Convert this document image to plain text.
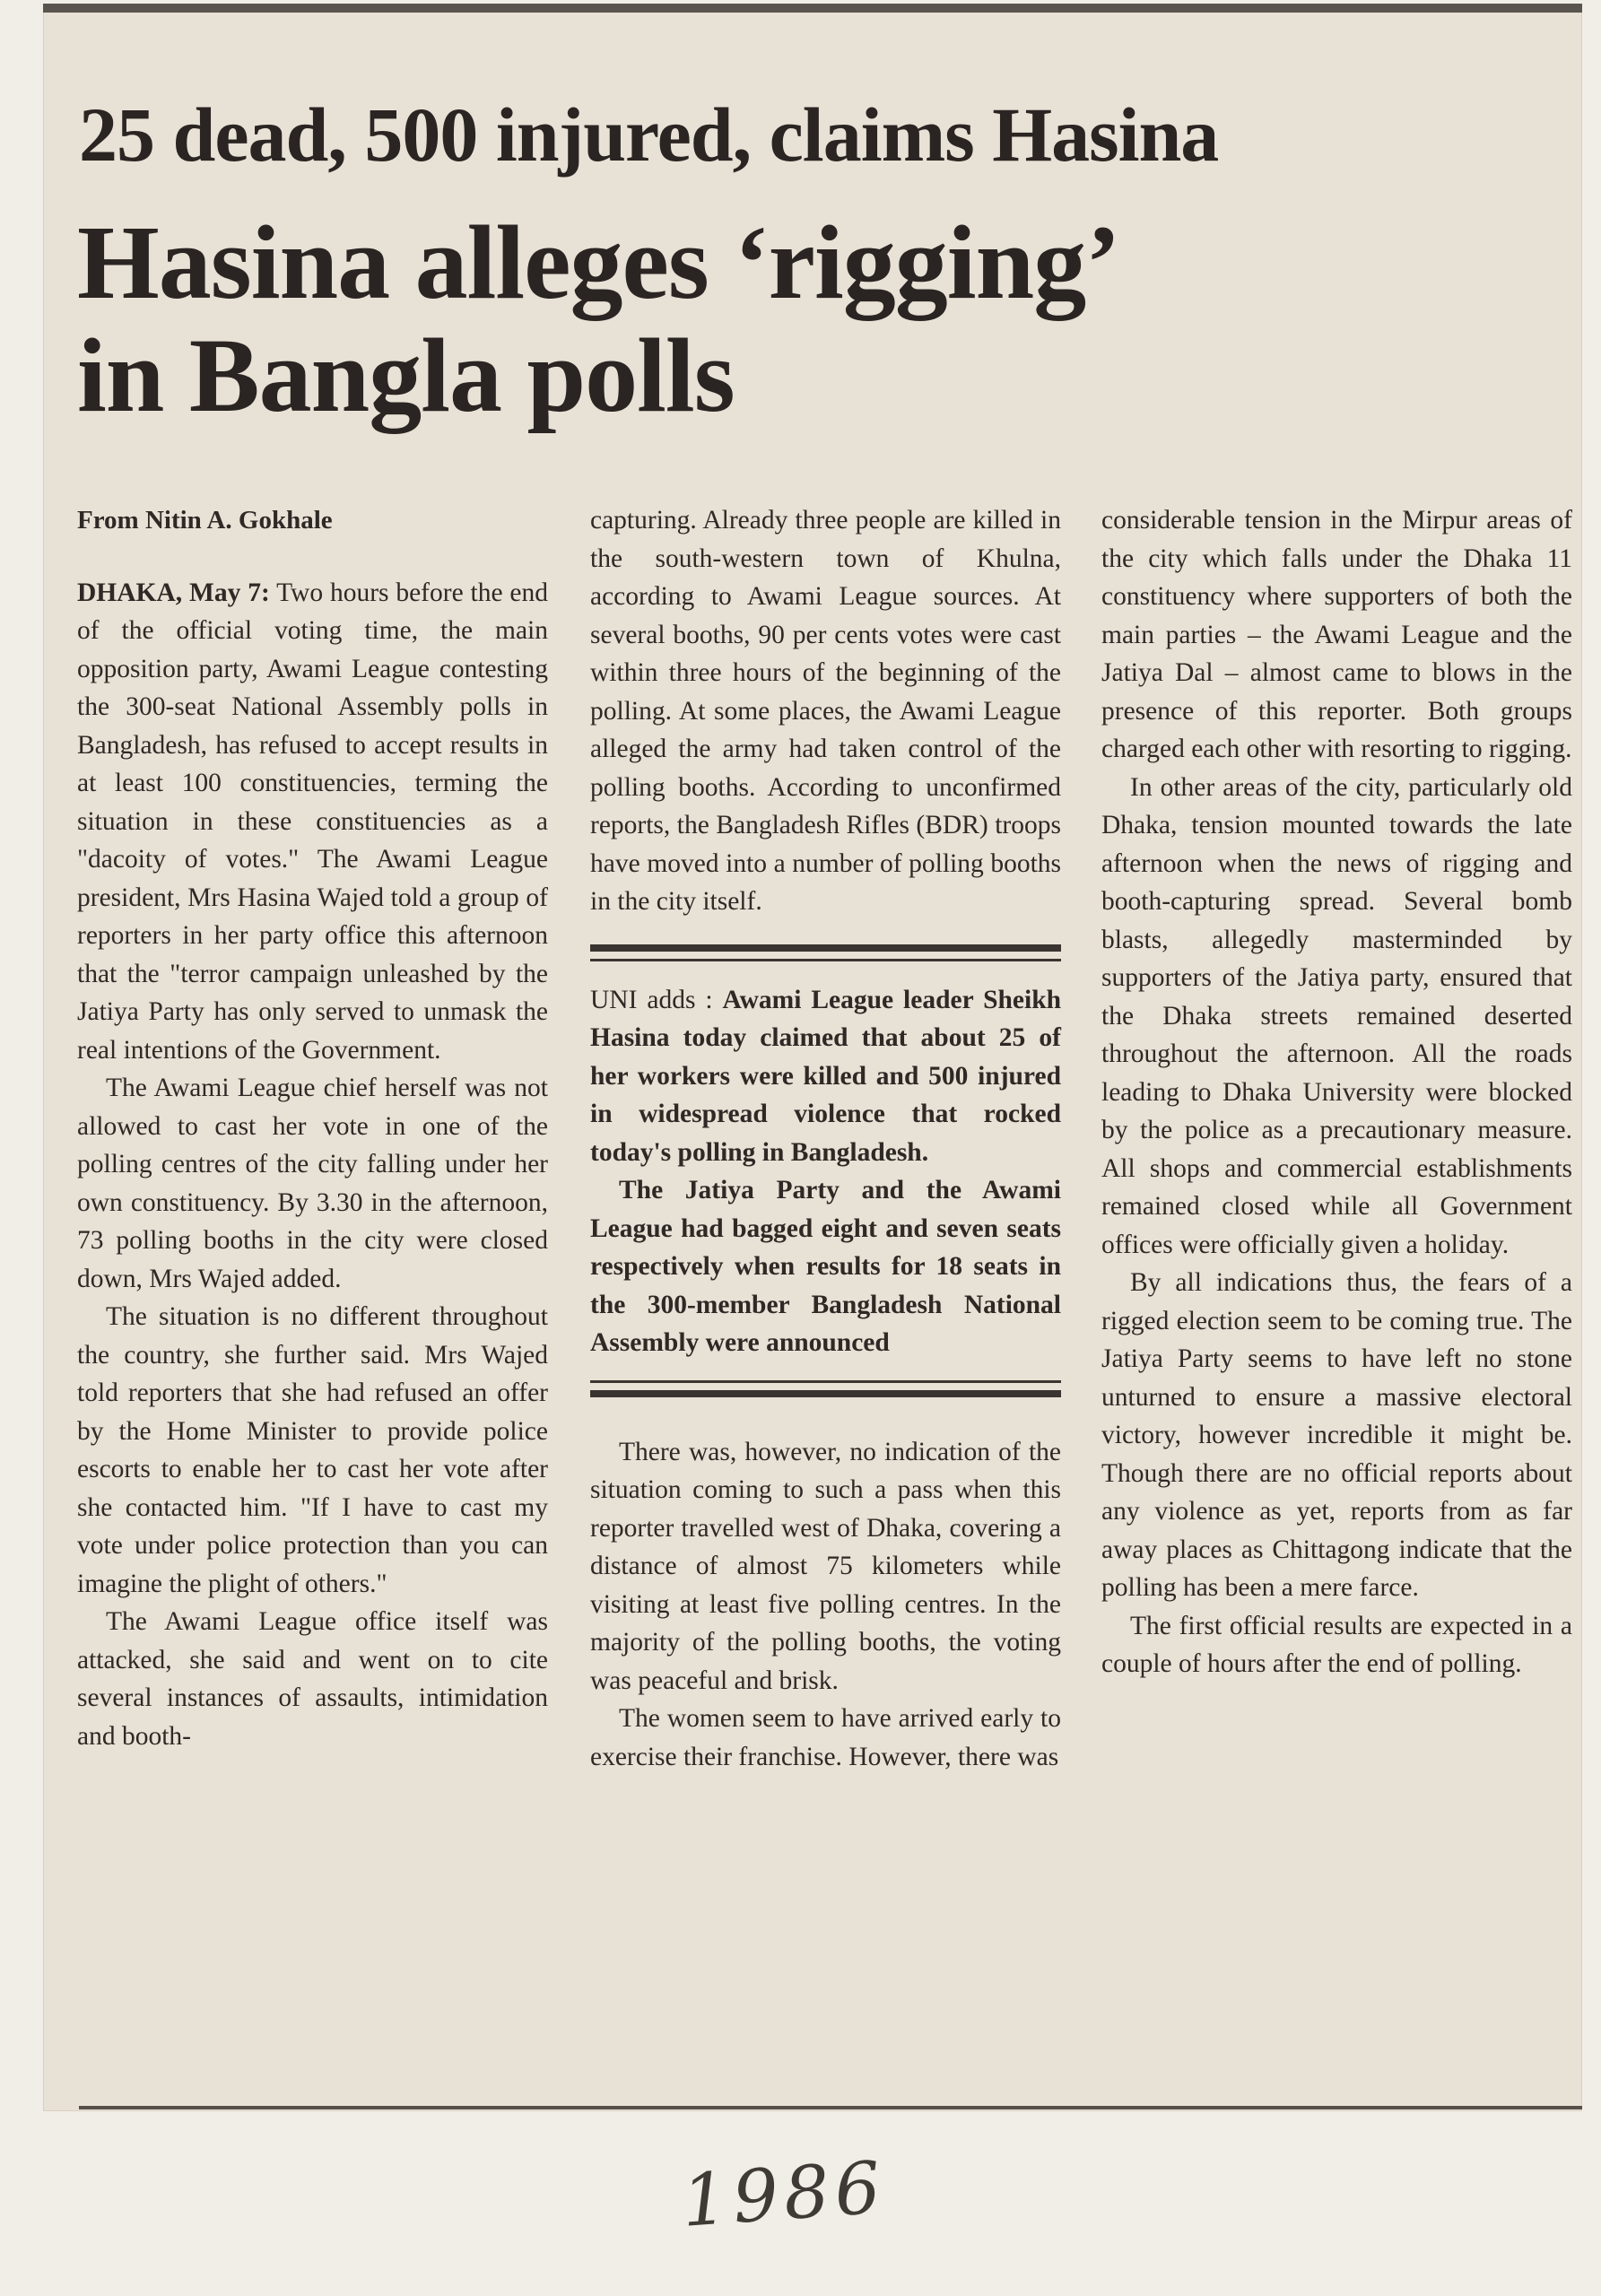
25 dead, 500 injured, claims Hasina
Hasina alleges ‘rigging’
in Bangla polls

From Nitin A. Gokhale

DHAKA, May 7: Two hours before the end of the official voting time, the main opposition party, Awami League contesting the 300-seat National Assembly polls in Bangladesh, has refused to accept results in at least 100 constituencies, terming the situation in these constituencies as a "dacoity of votes." The Awami League president, Mrs Hasina Wajed told a group of reporters in her party office this afternoon that the "terror campaign unleashed by the Jatiya Party has only served to unmask the real intentions of the Government.

The Awami League chief herself was not allowed to cast her vote in one of the polling centres of the city falling under her own constituency. By 3.30 in the afternoon, 73 polling booths in the city were closed down, Mrs Wajed added.

The situation is no different throughout the country, she further said. Mrs Wajed told reporters that she had refused an offer by the Home Minister to provide police escorts to enable her to cast her vote after she contacted him. "If I have to cast my vote under police protection than you can imagine the plight of others."

The Awami League office itself was attacked, she said and went on to cite several instances of assaults, intimidation and booth-

capturing. Already three people are killed in the south-western town of Khulna, according to Awami League sources. At several booths, 90 per cents votes were cast within three hours of the beginning of the polling. At some places, the Awami League alleged the army had taken control of the polling booths. According to unconfirmed reports, the Bangladesh Rifles (BDR) troops have moved into a number of polling booths in the city itself.

UNI adds : Awami League leader Sheikh Hasina today claimed that about 25 of her workers were killed and 500 injured in widespread violence that rocked today's polling in Bangladesh.

The Jatiya Party and the Awami League had bagged eight and seven seats respectively when results for 18 seats in the 300-member Bangladesh National Assembly were announced

There was, however, no indication of the situation coming to such a pass when this reporter travelled west of Dhaka, covering a distance of almost 75 kilometers while visiting at least five polling centres. In the majority of the polling booths, the voting was peaceful and brisk.

The women seem to have arrived early to exercise their franchise. However, there was

considerable tension in the Mirpur areas of the city which falls under the Dhaka 11 constituency where supporters of both the main parties – the Awami League and the Jatiya Dal – almost came to blows in the presence of this reporter. Both groups charged each other with resorting to rigging.

In other areas of the city, particularly old Dhaka, tension mounted towards the late afternoon when the news of rigging and booth-capturing spread. Several bomb blasts, allegedly masterminded by supporters of the Jatiya party, ensured that the Dhaka streets remained deserted throughout the afternoon. All the roads leading to Dhaka University were blocked by the police as a precautionary measure. All shops and commercial establishments remained closed while all Government offices were officially given a holiday.

By all indications thus, the fears of a rigged election seem to be coming true. The Jatiya Party seems to have left no stone unturned to ensure a massive electoral victory, however incredible it might be. Though there are no official reports about any violence as yet, reports from as far away places as Chittagong indicate that the polling has been a mere farce.

The first official results are expected in a couple of hours after the end of polling.

1986
